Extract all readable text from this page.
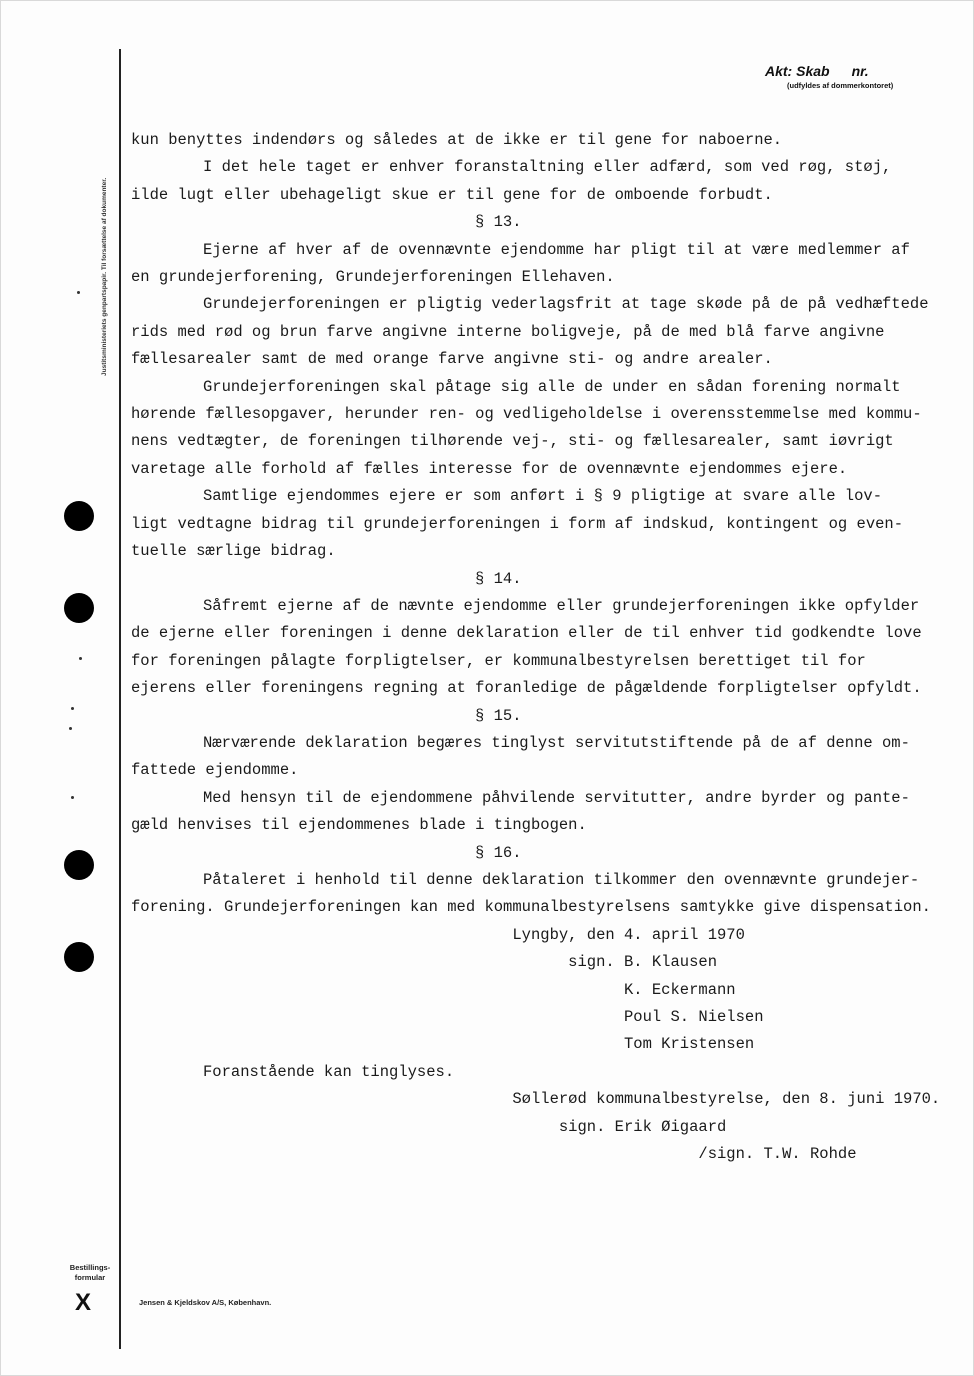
Justitsministeriets genpartspapir. Til forsættelse af dokumenter.
Akt: Skab nr.
(udfyldes af dommerkontoret)

kun benyttes indendørs og således at de ikke er til gene for naboerne.

I det hele taget er enhver foranstaltning eller adfærd, som ved røg, støj,

ilde lugt eller ubehageligt skue er til gene for de omboende forbudt.

§ 13.

Ejerne af hver af de ovennævnte ejendomme har pligt til at være medlemmer af

en grundejerforening, Grundejerforeningen Ellehaven.

Grundejerforeningen er pligtig vederlagsfrit at tage skøde på de på vedhæftede

rids med rød og brun farve angivne interne boligveje, på de med blå farve angivne

fællesarealer samt de med orange farve angivne sti- og andre arealer.

Grundejerforeningen skal påtage sig alle de under en sådan forening normalt

hørende fællesopgaver, herunder ren- og vedligeholdelse i overensstemmelse med kommu-

nens vedtægter, de foreningen tilhørende vej-, sti- og fællesarealer, samt iøvrigt

varetage alle forhold af fælles interesse for de ovennævnte ejendommes ejere.

Samtlige ejendommes ejere er som anført i § 9 pligtige at svare alle lov-

ligt vedtagne bidrag til grundejerforeningen i form af indskud, kontingent og even-

tuelle særlige bidrag.

§ 14.

Såfremt ejerne af de nævnte ejendomme eller grundejerforeningen ikke opfylder

de ejerne eller foreningen i denne deklaration eller de til enhver tid godkendte love

for foreningen pålagte forpligtelser, er kommunalbestyrelsen berettiget til for

ejerens eller foreningens regning at foranledige de pågældende forpligtelser opfyldt.

§ 15.

Nærværende deklaration begæres tinglyst servitutstiftende på de af denne om-

fattede ejendomme.

Med hensyn til de ejendommene påhvilende servitutter, andre byrder og pante-

gæld henvises til ejendommenes blade i tingbogen.

§ 16.

Påtaleret i henhold til denne deklaration tilkommer den ovennævnte grundejer-

forening. Grundejerforeningen kan med kommunalbestyrelsens samtykke give dispensation.

Lyngby, den 4. april 1970

sign. B. Klausen

K. Eckermann

Poul S. Nielsen

Tom Kristensen

Foranstående kan tinglyses.

Søllerød kommunalbestyrelse, den 8. juni 1970.

sign. Erik Øigaard

/sign. T.W. Rohde

Bestillings-
formular
X	Jensen & Kjeldskov A/S, København.
